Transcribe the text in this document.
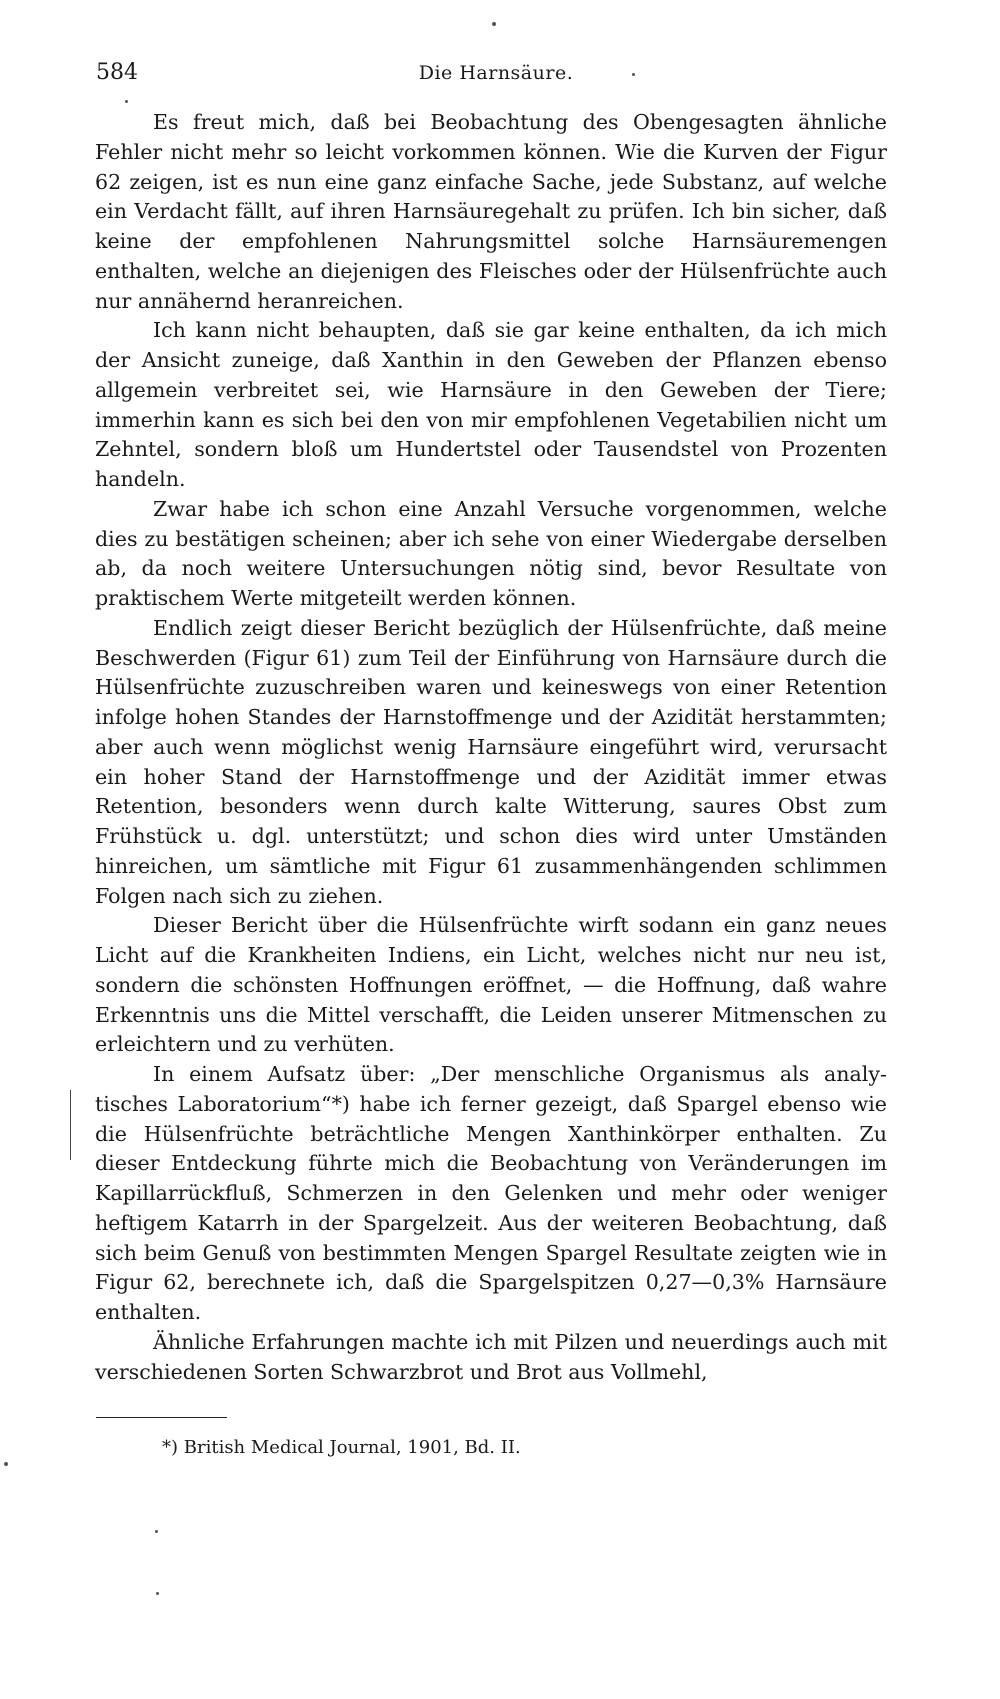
584	Die Harnsäure.

Es freut mich, daß bei Beobachtung des Obengesagten ähnliche Fehler nicht mehr so leicht vorkommen können. Wie die Kurven der Figur 62 zeigen, ist es nun eine ganz einfache Sache, jede Substanz, auf welche ein Verdacht fällt, auf ihren Harnsäuregehalt zu prüfen. Ich bin sicher, daß keine der empfohlenen Nahrungsmittel solche Harnsäuremengen enthalten, welche an diejenigen des Fleisches oder der Hülsenfrüchte auch nur annähernd heranreichen.

Ich kann nicht behaupten, daß sie gar keine enthalten, da ich mich der Ansicht zuneige, daß Xanthin in den Geweben der Pflanzen ebenso allgemein verbreitet sei, wie Harnsäure in den Geweben der Tiere; immerhin kann es sich bei den von mir empfohlenen Vegetabilien nicht um Zehntel, sondern bloß um Hundertstel oder Tausendstel von Prozenten handeln.

Zwar habe ich schon eine Anzahl Versuche vorgenommen, welche dies zu bestätigen scheinen; aber ich sehe von einer Wiedergabe derselben ab, da noch weitere Untersuchungen nötig sind, bevor Resultate von praktischem Werte mitgeteilt werden können.

Endlich zeigt dieser Bericht bezüglich der Hülsenfrüchte, daß meine Beschwerden (Figur 61) zum Teil der Einführung von Harnsäure durch die Hülsenfrüchte zuzuschreiben waren und keineswegs von einer Retention infolge hohen Standes der Harnstoffmenge und der Azidität herstammten; aber auch wenn möglichst wenig Harnsäure eingeführt wird, verursacht ein hoher Stand der Harnstoffmenge und der Azidität immer etwas Retention, besonders wenn durch kalte Witterung, saures Obst zum Frühstück u. dgl. unterstützt; und schon dies wird unter Umständen hinreichen, um sämtliche mit Figur 61 zusammenhängenden schlimmen Folgen nach sich zu ziehen.

Dieser Bericht über die Hülsenfrüchte wirft sodann ein ganz neues Licht auf die Krankheiten Indiens, ein Licht, welches nicht nur neu ist, sondern die schönsten Hoffnungen eröffnet, — die Hoffnung, daß wahre Erkenntnis uns die Mittel verschafft, die Leiden unserer Mitmenschen zu erleichtern und zu verhüten.

In einem Aufsatz über: „Der menschliche Organismus als analytisches Laboratorium“*) habe ich ferner gezeigt, daß Spargel ebenso wie die Hülsenfrüchte beträchtliche Mengen Xanthinkörper enthalten. Zu dieser Entdeckung führte mich die Beobachtung von Veränderungen im Kapillarrückfluß, Schmerzen in den Gelenken und mehr oder weniger heftigem Katarrh in der Spargelzeit. Aus der weiteren Beobachtung, daß sich beim Genuß von bestimmten Mengen Spargel Resultate zeigten wie in Figur 62, berechnete ich, daß die Spargelspitzen 0,27—0,3% Harnsäure enthalten.

Ähnliche Erfahrungen machte ich mit Pilzen und neuerdings auch mit verschiedenen Sorten Schwarzbrot und Brot aus Vollmehl,

*) British Medical Journal, 1901, Bd. II.
